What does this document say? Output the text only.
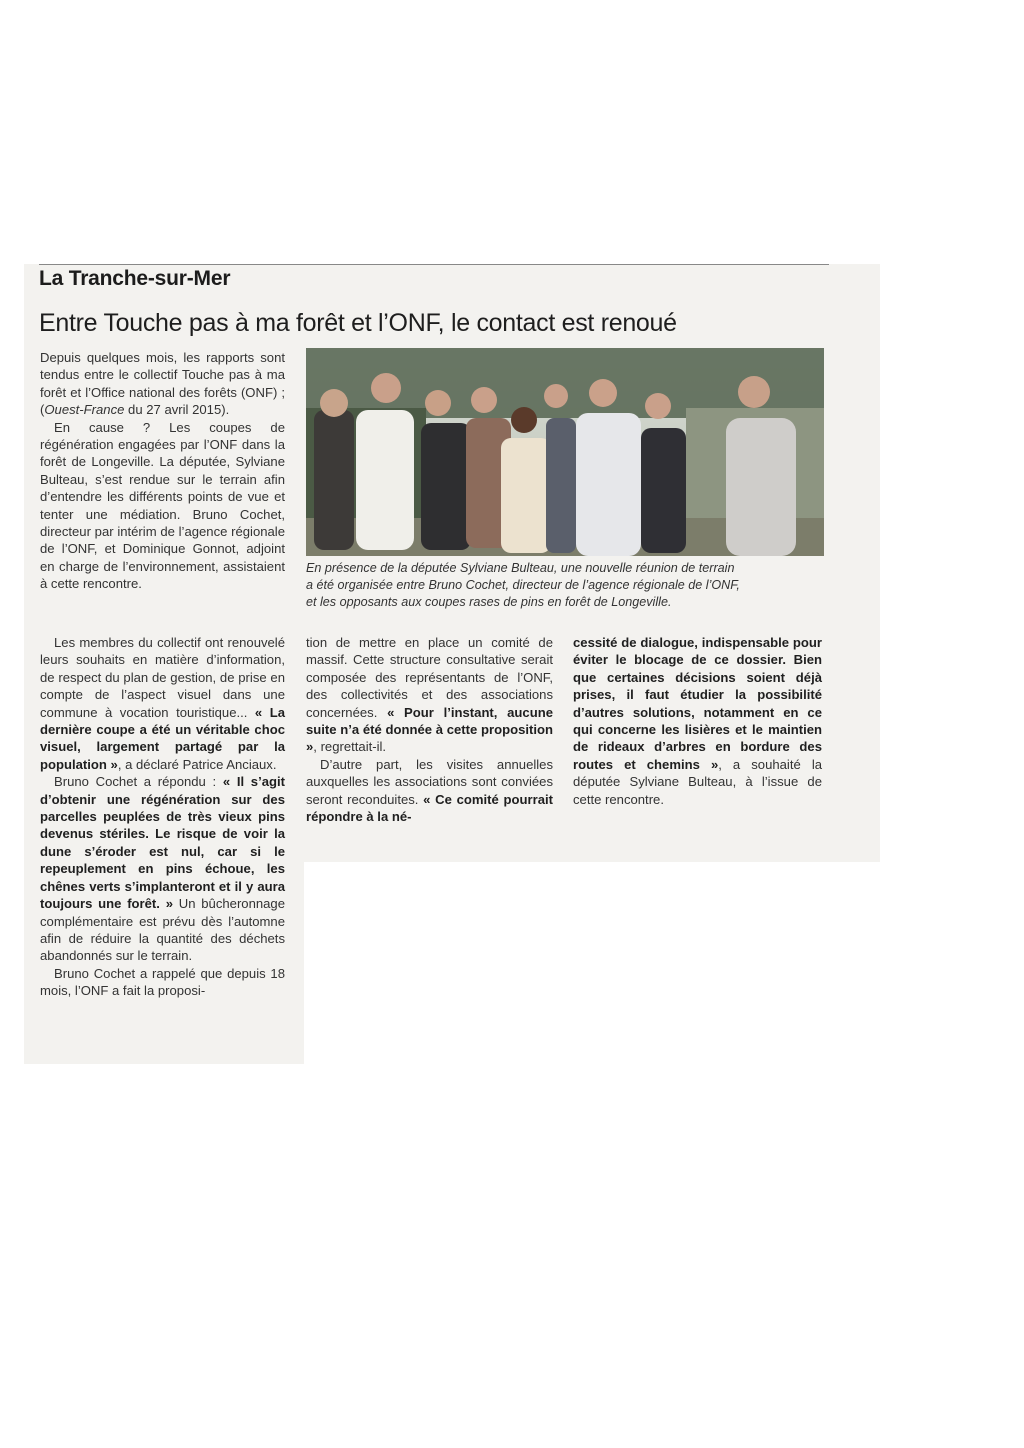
La Tranche-sur-Mer
Entre Touche pas à ma forêt et l’ONF, le contact est renoué

Depuis quelques mois, les rapports sont tendus entre le collectif Touche pas à ma forêt et l’Office national des forêts (ONF) ; (Ouest-France du 27 avril 2015).

En cause ? Les coupes de régénération engagées par l’ONF dans la forêt de Longeville. La députée, Sylviane Bulteau, s’est rendue sur le terrain afin d’entendre les différents points de vue et tenter une médiation. Bruno Cochet, directeur par intérim de l’agence régionale de l’ONF, et Dominique Gonnot, adjoint en charge de l’environnement, assistaient à cette rencontre.

Les membres du collectif ont renouvelé leurs souhaits en matière d’information, de respect du plan de gestion, de prise en compte de l’aspect visuel dans une commune à vocation touristique... « La dernière coupe a été un véritable choc visuel, largement partagé par la population », a déclaré Patrice Anciaux.

Bruno Cochet a répondu : « Il s’agit d’obtenir une régénération sur des parcelles peuplées de très vieux pins devenus stériles. Le risque de voir la dune s’éroder est nul, car si le repeuplement en pins échoue, les chênes verts s’implanteront et il y aura toujours une forêt. » Un bûcheronnage complémentaire est prévu dès l’automne afin de réduire la quantité des déchets abandonnés sur le terrain.

Bruno Cochet a rappelé que depuis 18 mois, l’ONF a fait la proposi-

En présence de la députée Sylviane Bulteau, une nouvelle réunion de terrain

a été organisée entre Bruno Cochet, directeur de l’agence régionale de l’ONF,

et les opposants aux coupes rases de pins en forêt de Longeville.

tion de mettre en place un comité de massif. Cette structure consultative serait composée des représentants de l’ONF, des collectivités et des associations concernées. « Pour l’instant, aucune suite n’a été donnée à cette proposition », regrettait-il.

D’autre part, les visites annuelles auxquelles les associations sont conviées seront reconduites. « Ce comité pourrait répondre à la né-

cessité de dialogue, indispensable pour éviter le blocage de ce dossier. Bien que certaines décisions soient déjà prises, il faut étudier la possibilité d’autres solutions, notamment en ce qui concerne les lisières et le maintien de rideaux d’arbres en bordure des routes et chemins », a souhaité la députée Sylviane Bulteau, à l’issue de cette rencontre.
